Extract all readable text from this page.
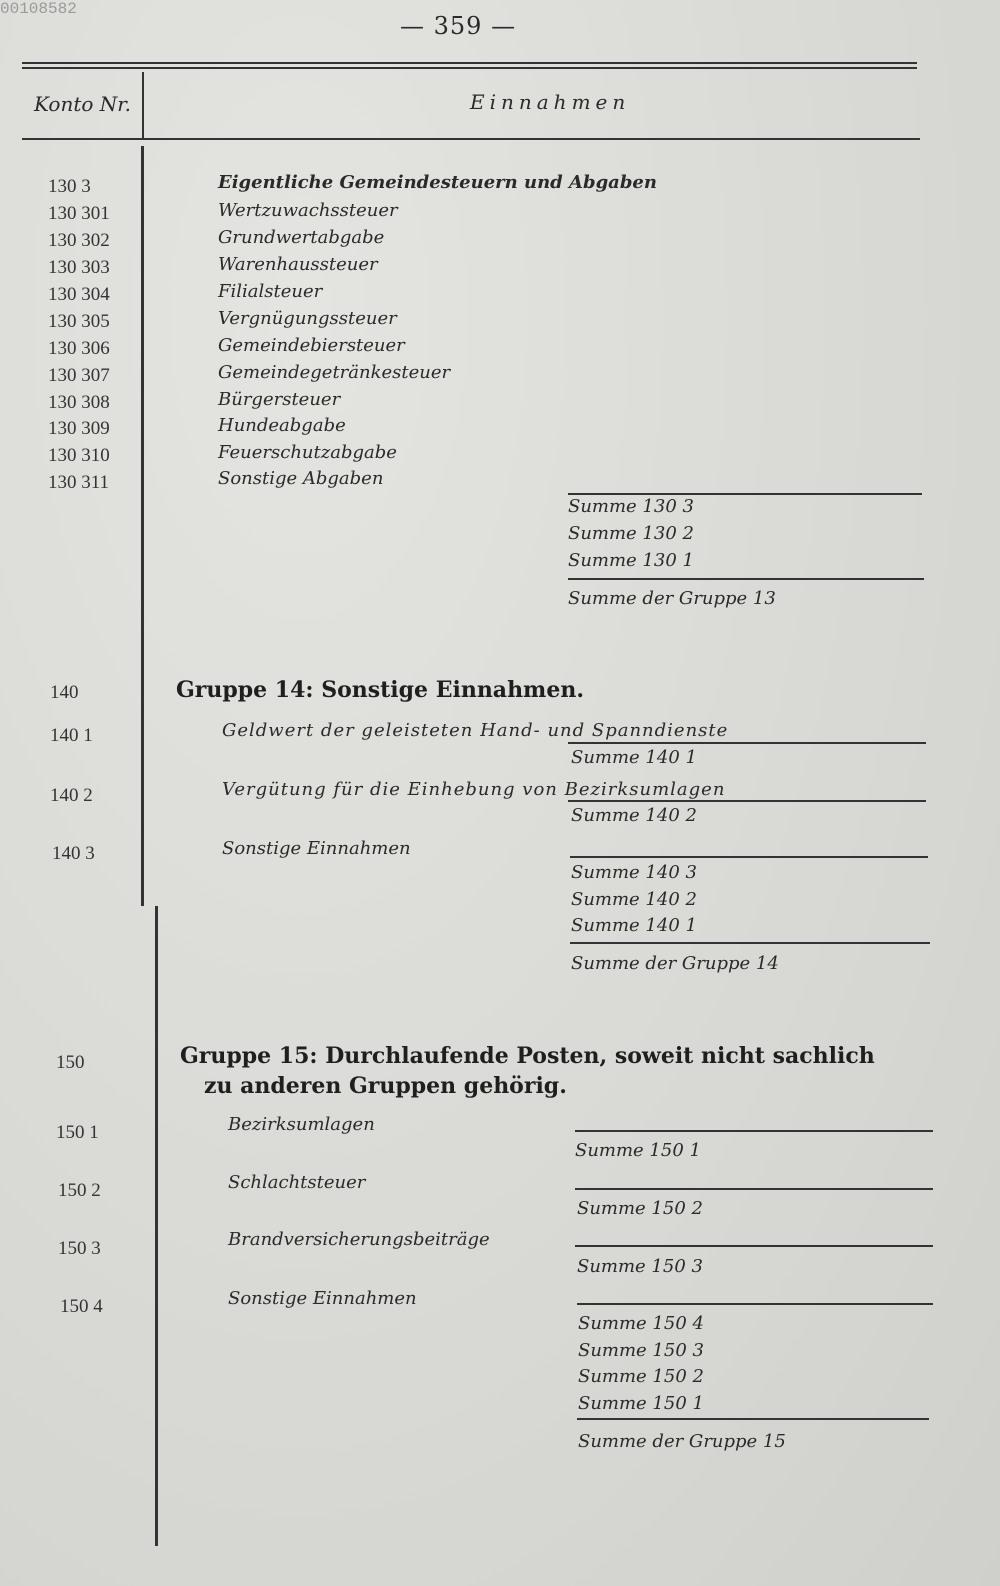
00108582
— 359 —
Konto Nr.	Einnahmen
130 3	Eigentliche Gemeindesteuern und Abgaben
130 301	Wertzuwachssteuer
130 302	Grundwertabgabe
130 303	Warenhaussteuer
130 304	Filialsteuer
130 305	Vergnügungssteuer
130 306	Gemeindebiersteuer
130 307	Gemeindegetränkesteuer
130 308	Bürgersteuer
130 309	Hundeabgabe
130 310	Feuerschutzabgabe
130 311	Sonstige Abgaben
Summe 130 3
Summe 130 2
Summe 130 1
Summe der Gruppe 13
140	Gruppe 14: Sonstige Einnahmen.
140 1	Geldwert der geleisteten Hand- und Spanndienste
Summe 140 1
140 2	Vergütung für die Einhebung von Bezirksumlagen
Summe 140 2
140 3	Sonstige Einnahmen
Summe 140 3
Summe 140 2
Summe 140 1
Summe der Gruppe 14
150	Gruppe 15: Durchlaufende Posten, soweit nicht sachlich
zu anderen Gruppen gehörig.
150 1	Bezirksumlagen
Summe 150 1
150 2	Schlachtsteuer
Summe 150 2
150 3	Brandversicherungsbeiträge
Summe 150 3
150 4	Sonstige Einnahmen
Summe 150 4
Summe 150 3
Summe 150 2
Summe 150 1
Summe der Gruppe 15
